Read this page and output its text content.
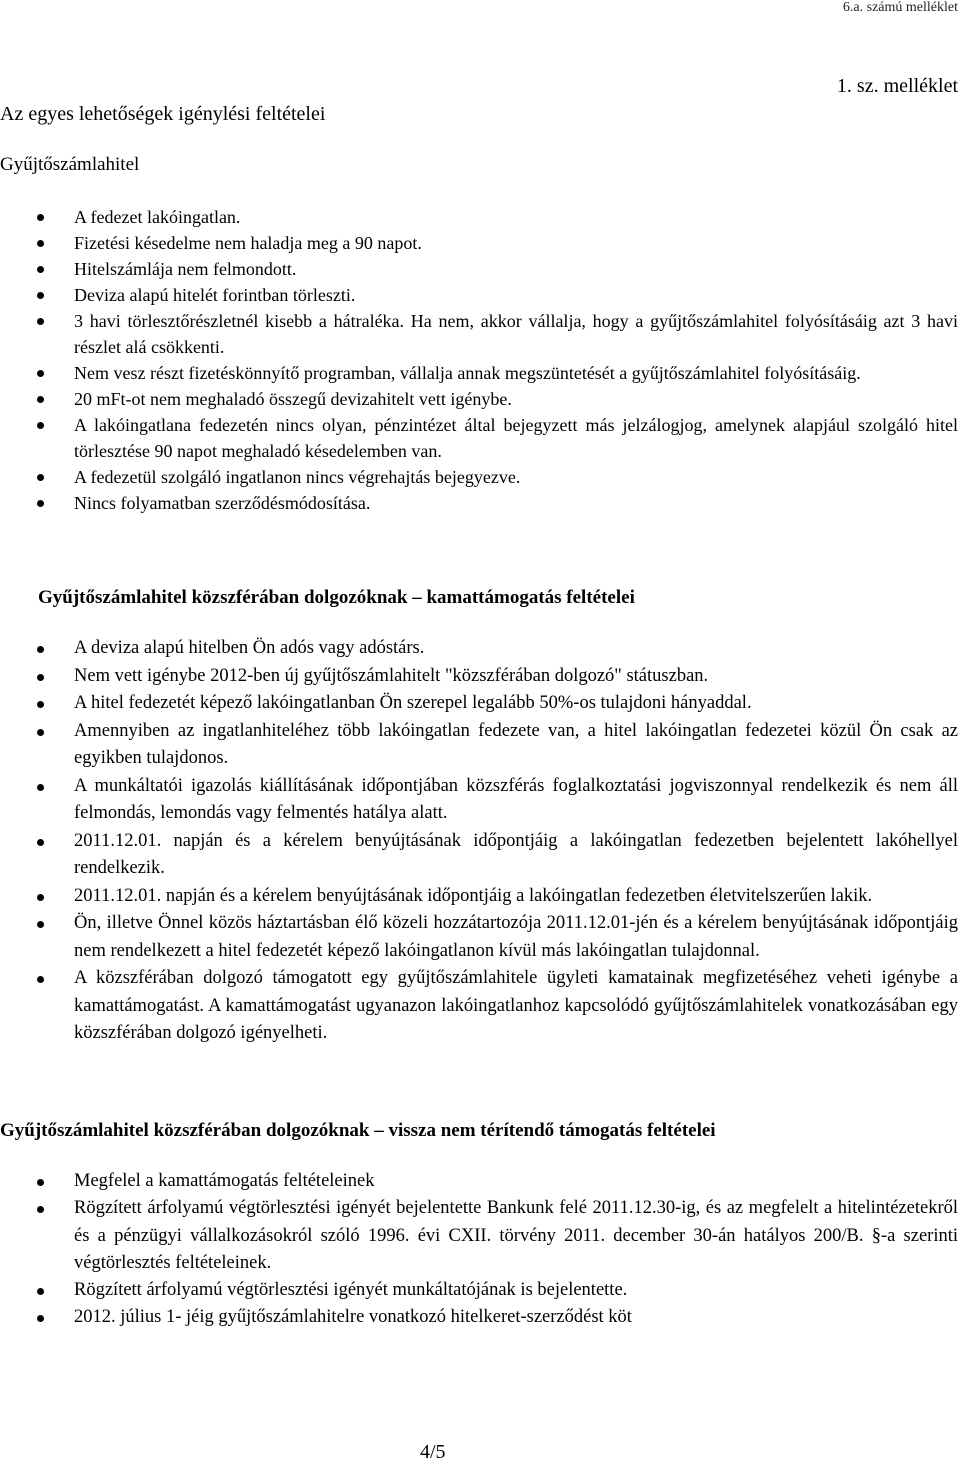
6.a. számú melléklet
Az egyes lehetőségek igénylési feltételei
1. sz. melléklet
Gyűjtőszámlahitel
A fedezet lakóingatlan.
Fizetési késedelme nem haladja meg a 90 napot.
Hitelszámlája nem felmondott.
Deviza alapú hitelét forintban törleszti.
3 havi törlesztőrészletnél kisebb a hátraléka. Ha nem, akkor vállalja, hogy a gyűjtőszámlahitel folyósításáig azt 3 havi részlet alá csökkenti.
Nem vesz részt fizetéskönnyítő programban, vállalja annak megszüntetését a gyűjtőszámlahitel folyósításáig.
20 mFt-ot nem meghaladó összegű devizahitelt vett igénybe.
A lakóingatlana fedezetén nincs olyan, pénzintézet által bejegyzett más jelzálogjog, amelynek alapjául szolgáló hitel törlesztése 90 napot meghaladó késedelemben van.
A fedezetül szolgáló ingatlanon nincs végrehajtás bejegyezve.
Nincs folyamatban szerződésmódosítása.
Gyűjtőszámlahitel közszférában dolgozóknak – kamattámogatás feltételei
A deviza alapú hitelben Ön adós vagy adóstárs.
Nem vett igénybe 2012-ben új gyűjtőszámlahitelt "közszférában dolgozó" státuszban.
A hitel fedezetét képező lakóingatlanban Ön szerepel legalább 50%-os tulajdoni hányaddal.
Amennyiben az ingatlanhiteléhez több lakóingatlan fedezete van, a hitel lakóingatlan fedezetei közül Ön csak az egyikben tulajdonos.
A munkáltatói igazolás kiállításának időpontjában közszférás foglalkoztatási jogviszonnyal rendelkezik és nem áll felmondás, lemondás vagy felmentés hatálya alatt.
2011.12.01. napján és a kérelem benyújtásának időpontjáig a lakóingatlan fedezetben bejelentett lakóhellyel rendelkezik.
2011.12.01. napján és a kérelem benyújtásának időpontjáig a lakóingatlan fedezetben életvitelszerűen lakik.
Ön, illetve Önnel közös háztartásban élő közeli hozzátartozója 2011.12.01-jén és a kérelem benyújtásának időpontjáig nem rendelkezett a hitel fedezetét képező lakóingatlanon kívül más lakóingatlan tulajdonnal.
A közszférában dolgozó támogatott egy gyűjtőszámlahitele ügyleti kamatainak megfizetéséhez veheti igénybe a kamattámogatást. A kamattámogatást ugyanazon lakóingatlanhoz kapcsolódó gyűjtőszámlahitelek vonatkozásában egy közszférában dolgozó igényelheti.
Gyűjtőszámlahitel közszférában dolgozóknak – vissza nem térítendő támogatás feltételei
Megfelel a kamattámogatás feltételeinek
Rögzített árfolyamú végtörlesztési igényét bejelentette Bankunk felé 2011.12.30-ig, és az megfelelt a hitelintézetekről és a pénzügyi vállalkozásokról szóló 1996. évi CXII. törvény 2011. december 30-án hatályos 200/B. §-a szerinti végtörlesztés feltételeinek.
Rögzített árfolyamú végtörlesztési igényét munkáltatójának is bejelentette.
2012. július 1- jéig gyűjtőszámlahitelre vonatkozó hitelkeret-szerződést köt
4/5
